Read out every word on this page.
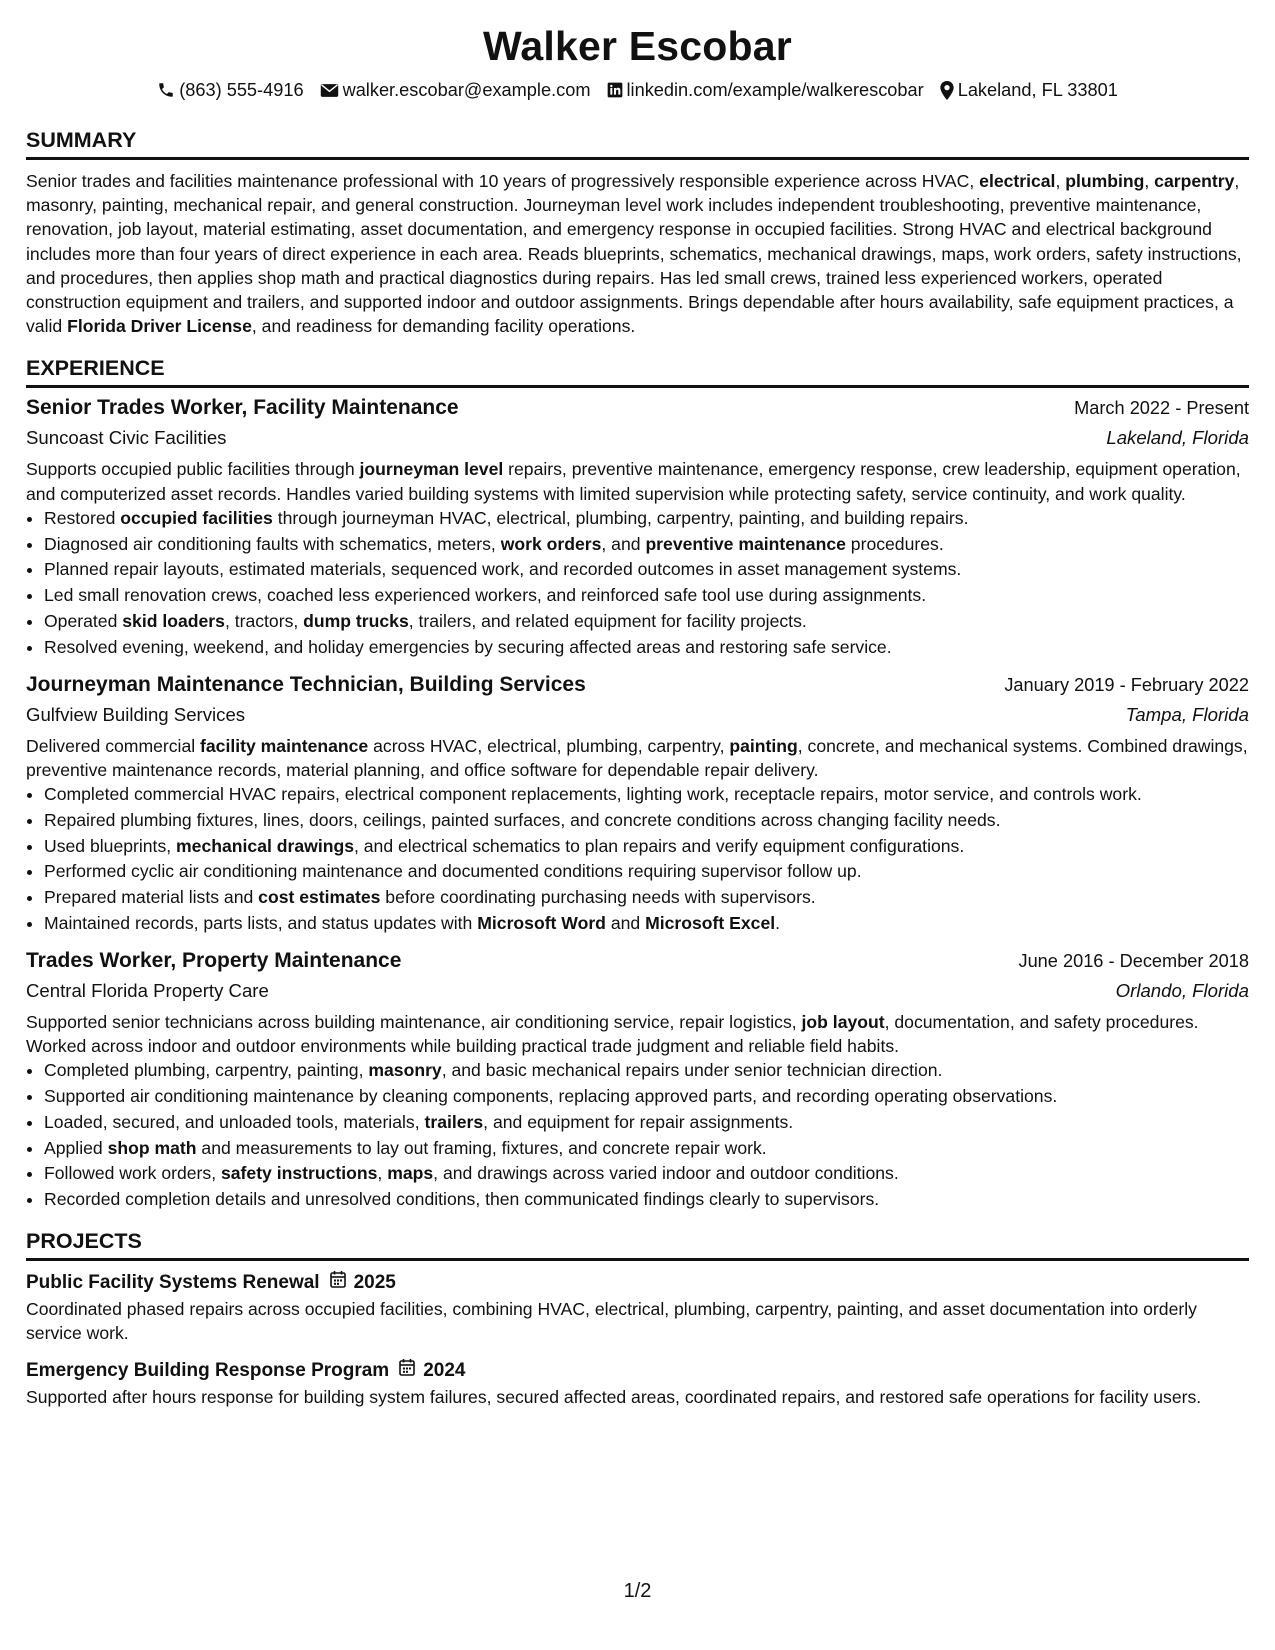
Walker Escobar
(863) 555-4916 walker.escobar@example.com linkedin.com/example/walkerescobar Lakeland, FL 33801
SUMMARY

Senior trades and facilities maintenance professional with 10 years of progressively responsible experience across HVAC, electrical, plumbing, carpentry, masonry, painting, mechanical repair, and general construction. Journeyman level work includes independent troubleshooting, preventive maintenance, renovation, job layout, material estimating, asset documentation, and emergency response in occupied facilities. Strong HVAC and electrical background includes more than four years of direct experience in each area. Reads blueprints, schematics, mechanical drawings, maps, work orders, safety instructions, and procedures, then applies shop math and practical diagnostics during repairs. Has led small crews, trained less experienced workers, operated construction equipment and trailers, and supported indoor and outdoor assignments. Brings dependable after hours availability, safe equipment practices, a valid Florida Driver License, and readiness for demanding facility operations.

EXPERIENCE
Senior Trades Worker, Facility Maintenance	March 2022 - Present
Suncoast Civic Facilities	Lakeland, Florida

Supports occupied public facilities through journeyman level repairs, preventive maintenance, emergency response, crew leadership, equipment operation, and computerized asset records. Handles varied building systems with limited supervision while protecting safety, service continuity, and work quality.

• Restored occupied facilities through journeyman HVAC, electrical, plumbing, carpentry, painting, and building repairs.
• Diagnosed air conditioning faults with schematics, meters, work orders, and preventive maintenance procedures.
• Planned repair layouts, estimated materials, sequenced work, and recorded outcomes in asset management systems.
• Led small renovation crews, coached less experienced workers, and reinforced safe tool use during assignments.
• Operated skid loaders, tractors, dump trucks, trailers, and related equipment for facility projects.
• Resolved evening, weekend, and holiday emergencies by securing affected areas and restoring safe service.
Journeyman Maintenance Technician, Building Services	January 2019 - February 2022
Gulfview Building Services	Tampa, Florida

Delivered commercial facility maintenance across HVAC, electrical, plumbing, carpentry, painting, concrete, and mechanical systems. Combined drawings, preventive maintenance records, material planning, and office software for dependable repair delivery.

• Completed commercial HVAC repairs, electrical component replacements, lighting work, receptacle repairs, motor service, and controls work.
• Repaired plumbing fixtures, lines, doors, ceilings, painted surfaces, and concrete conditions across changing facility needs.
• Used blueprints, mechanical drawings, and electrical schematics to plan repairs and verify equipment configurations.
• Performed cyclic air conditioning maintenance and documented conditions requiring supervisor follow up.
• Prepared material lists and cost estimates before coordinating purchasing needs with supervisors.
• Maintained records, parts lists, and status updates with Microsoft Word and Microsoft Excel.
Trades Worker, Property Maintenance	June 2016 - December 2018
Central Florida Property Care	Orlando, Florida

Supported senior technicians across building maintenance, air conditioning service, repair logistics, job layout, documentation, and safety procedures. Worked across indoor and outdoor environments while building practical trade judgment and reliable field habits.

• Completed plumbing, carpentry, painting, masonry, and basic mechanical repairs under senior technician direction.
• Supported air conditioning maintenance by cleaning components, replacing approved parts, and recording operating observations.
• Loaded, secured, and unloaded tools, materials, trailers, and equipment for repair assignments.
• Applied shop math and measurements to lay out framing, fixtures, and concrete repair work.
• Followed work orders, safety instructions, maps, and drawings across varied indoor and outdoor conditions.
• Recorded completion details and unresolved conditions, then communicated findings clearly to supervisors.
PROJECTS
Public Facility Systems Renewal 2025

Coordinated phased repairs across occupied facilities, combining HVAC, electrical, plumbing, carpentry, painting, and asset documentation into orderly service work.

Emergency Building Response Program 2024

Supported after hours response for building system failures, secured affected areas, coordinated repairs, and restored safe operations for facility users.

1/2
